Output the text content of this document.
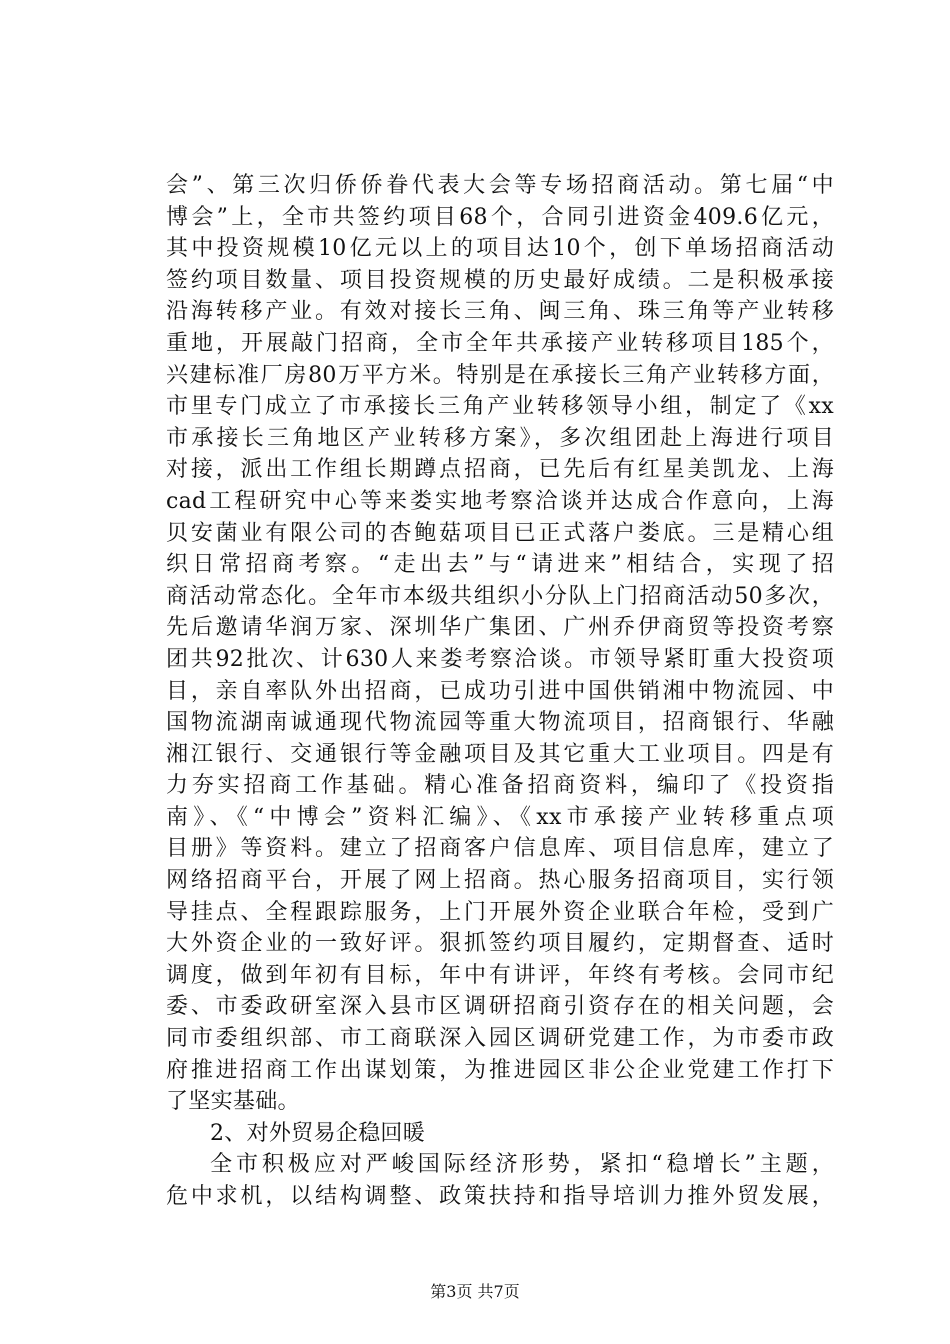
会”、第三次归侨侨眷代表大会等专场招商活动。第七届“中
博会”上，全市共签约项目68个，合同引进资金409.6亿元，
其中投资规模10亿元以上的项目达10个，创下单场招商活动
签约项目数量、项目投资规模的历史最好成绩。二是积极承接
沿海转移产业。有效对接长三角、闽三角、珠三角等产业转移
重地，开展敲门招商，全市全年共承接产业转移项目185个，
兴建标准厂房80万平方米。特别是在承接长三角产业转移方面，
市里专门成立了市承接长三角产业转移领导小组，制定了《xx
市承接长三角地区产业转移方案》，多次组团赴上海进行项目
对接，派出工作组长期蹲点招商，已先后有红星美凯龙、上海
cad工程研究中心等来娄实地考察洽谈并达成合作意向，上海
贝安菌业有限公司的杏鲍菇项目已正式落户娄底。三是精心组
织日常招商考察。“走出去”与“请进来”相结合，实现了招
商活动常态化。全年市本级共组织小分队上门招商活动50多次，
先后邀请华润万家、深圳华广集团、广州乔伊商贸等投资考察
团共92批次、计630人来娄考察洽谈。市领导紧盯重大投资项
目，亲自率队外出招商，已成功引进中国供销湘中物流园、中
国物流湖南诚通现代物流园等重大物流项目，招商银行、华融
湘江银行、交通银行等金融项目及其它重大工业项目。四是有
力夯实招商工作基础。精心准备招商资料，编印了《投资指
南》、《“中博会”资料汇编》、《xx市承接产业转移重点项
目册》等资料。建立了招商客户信息库、项目信息库，建立了
网络招商平台，开展了网上招商。热心服务招商项目，实行领
导挂点、全程跟踪服务，上门开展外资企业联合年检，受到广
大外资企业的一致好评。狠抓签约项目履约，定期督查、适时
调度，做到年初有目标，年中有讲评，年终有考核。会同市纪
委、市委政研室深入县市区调研招商引资存在的相关问题，会
同市委组织部、市工商联深入园区调研党建工作，为市委市政
府推进招商工作出谋划策，为推进园区非公企业党建工作打下
了坚实基础。
2、对外贸易企稳回暖
全市积极应对严峻国际经济形势，紧扣“稳增长”主题，
危中求机，以结构调整、政策扶持和指导培训力推外贸发展，
第3页 共7页
